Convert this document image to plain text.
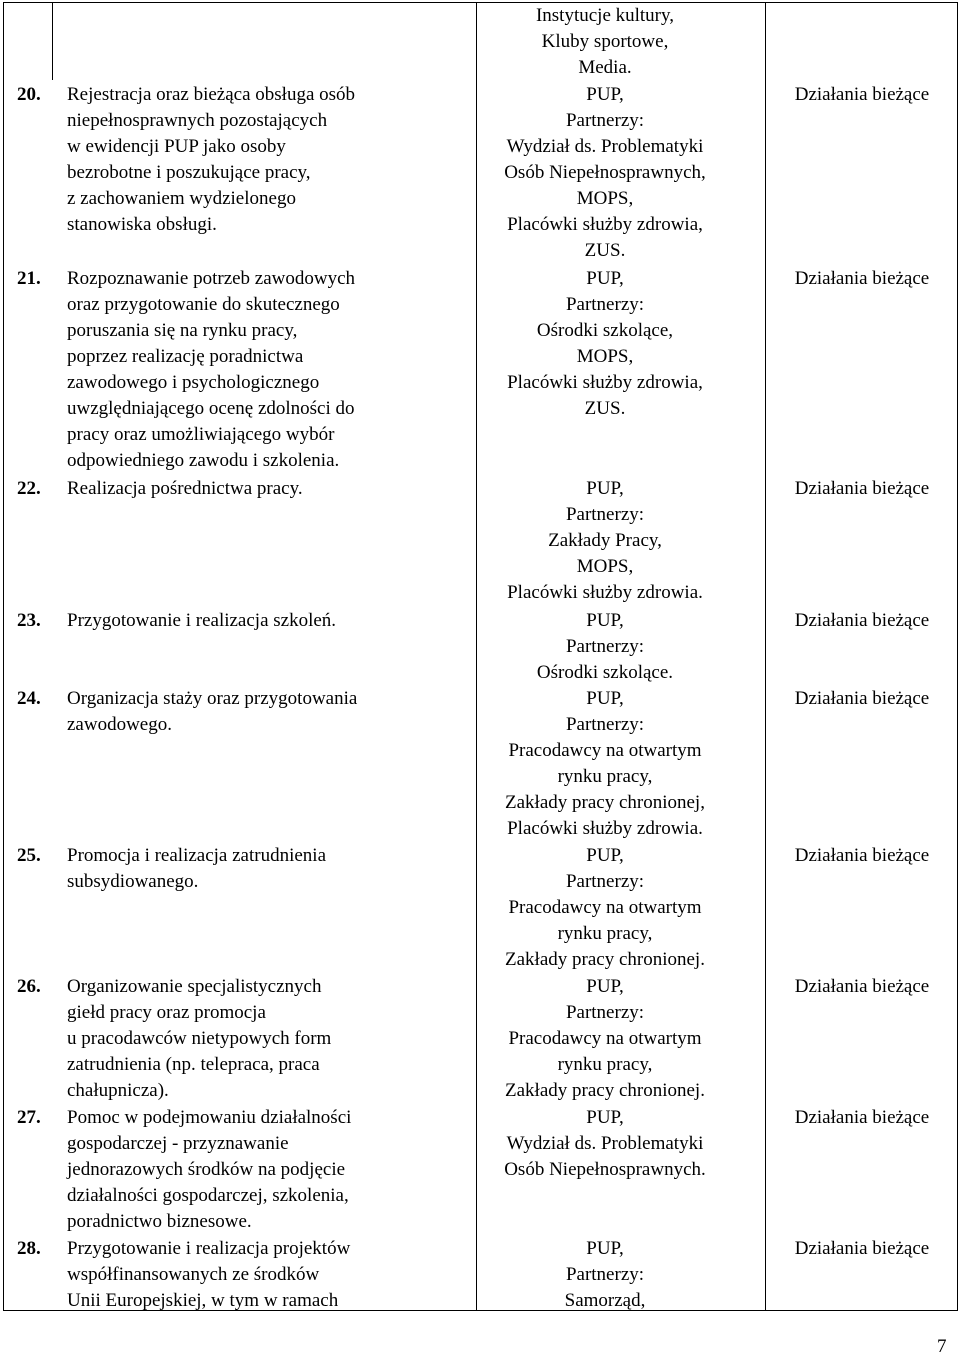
Instytucje kultury,
Kluby sportowe,
Media.
20. Rejestracja oraz bieżąca obsługa osób
niepełnosprawnych pozostających
w ewidencji PUP jako osoby
bezrobotne i poszukujące pracy,
z zachowaniem wydzielonego
stanowiska obsługi.
PUP,
Partnerzy:
Wydział ds. Problematyki
Osób Niepełnosprawnych,
MOPS,
Placówki służby zdrowia,
ZUS.
Działania bieżące
21. Rozpoznawanie potrzeb zawodowych
oraz przygotowanie do skutecznego
poruszania się na rynku pracy,
poprzez realizację poradnictwa
zawodowego i psychologicznego
uwzględniającego ocenę zdolności do
pracy oraz umożliwiającego wybór
odpowiedniego zawodu i szkolenia.
PUP,
Partnerzy:
Ośrodki szkolące,
MOPS,
Placówki służby zdrowia,
ZUS.
Działania bieżące
22. Realizacja pośrednictwa pracy.	PUP,
Partnerzy:
Zakłady Pracy,
MOPS,
Placówki służby zdrowia.
Działania bieżące
23. Przygotowanie i realizacja szkoleń.	PUP,
Partnerzy:
Ośrodki szkolące.
Działania bieżące
24. Organizacja staży oraz przygotowania
zawodowego.
PUP,
Partnerzy:
Pracodawcy na otwartym
rynku pracy,
Zakłady pracy chronionej,
Placówki służby zdrowia.
Działania bieżące
25. Promocja i realizacja zatrudnienia
subsydiowanego.
PUP,
Partnerzy:
Pracodawcy na otwartym
rynku pracy,
Zakłady pracy chronionej.
Działania bieżące
26. Organizowanie specjalistycznych
giełd pracy oraz promocja
u pracodawców nietypowych form
zatrudnienia (np. telepraca, praca
chałupnicza).
PUP,
Partnerzy:
Pracodawcy na otwartym
rynku pracy,
Zakłady pracy chronionej.
Działania bieżące
27. Pomoc w podejmowaniu działalności
gospodarczej - przyznawanie
jednorazowych środków na podjęcie
działalności gospodarczej, szkolenia,
poradnictwo biznesowe.
PUP,
Wydział ds. Problematyki
Osób Niepełnosprawnych.
Działania bieżące
28. Przygotowanie i realizacja projektów
współfinansowanych ze środków
Unii Europejskiej, w tym w ramach
PUP,
Partnerzy:
Samorząd,
Działania bieżące
7
